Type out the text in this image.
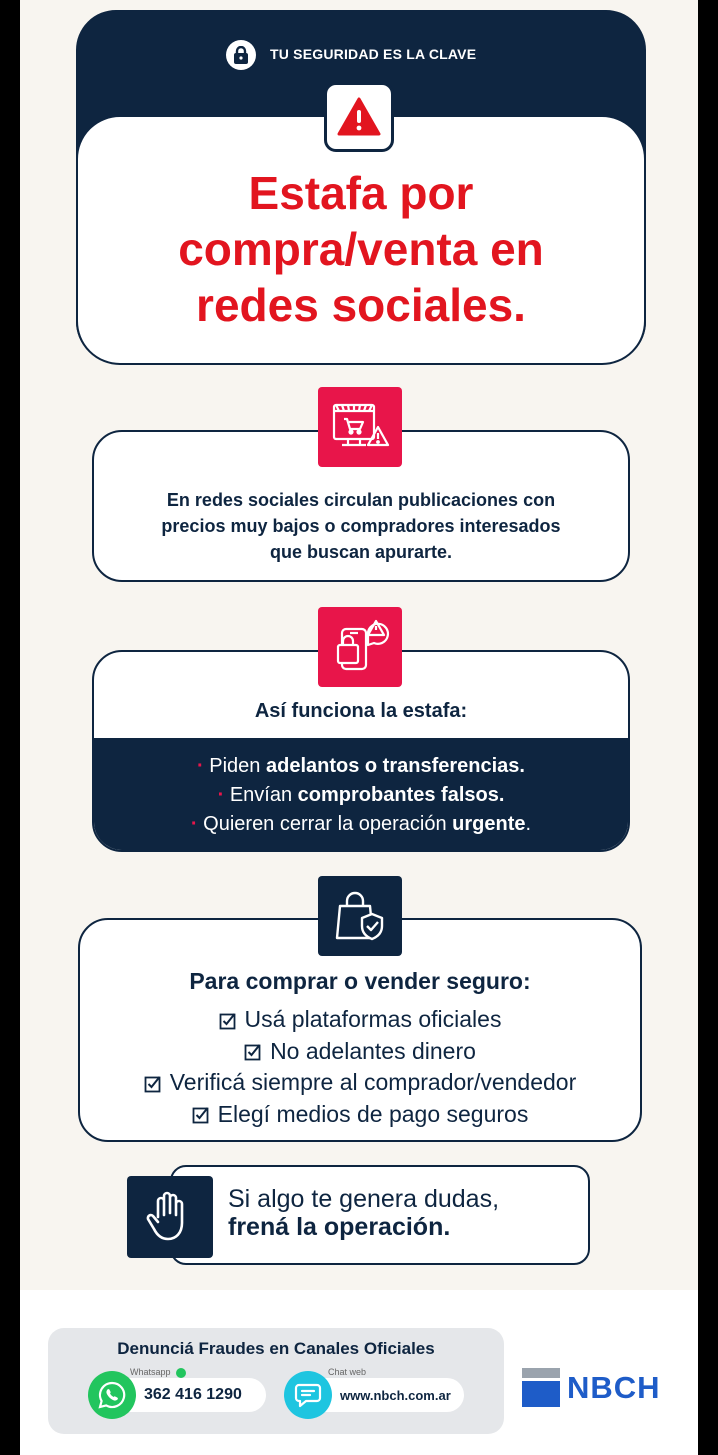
TU SEGURIDAD ES LA CLAVE
Estafa por
compra/venta en
redes sociales.
En redes sociales circulan publicaciones con
precios muy bajos o compradores interesados
que buscan apurarte.
Así funciona la estafa:
· Piden adelantos o transferencias.
· Envían comprobantes falsos.
· Quieren cerrar la operación urgente.
Para comprar o vender seguro:
Usá plataformas oficiales
No adelantes dinero
Verificá siempre al comprador/vendedor
Elegí medios de pago seguros
Si algo te genera dudas,
frená la operación.
Denunciá Fraudes en Canales Oficiales
Whatsapp	Chat web
362 416 1290	www.nbch.com.ar	NBCH
